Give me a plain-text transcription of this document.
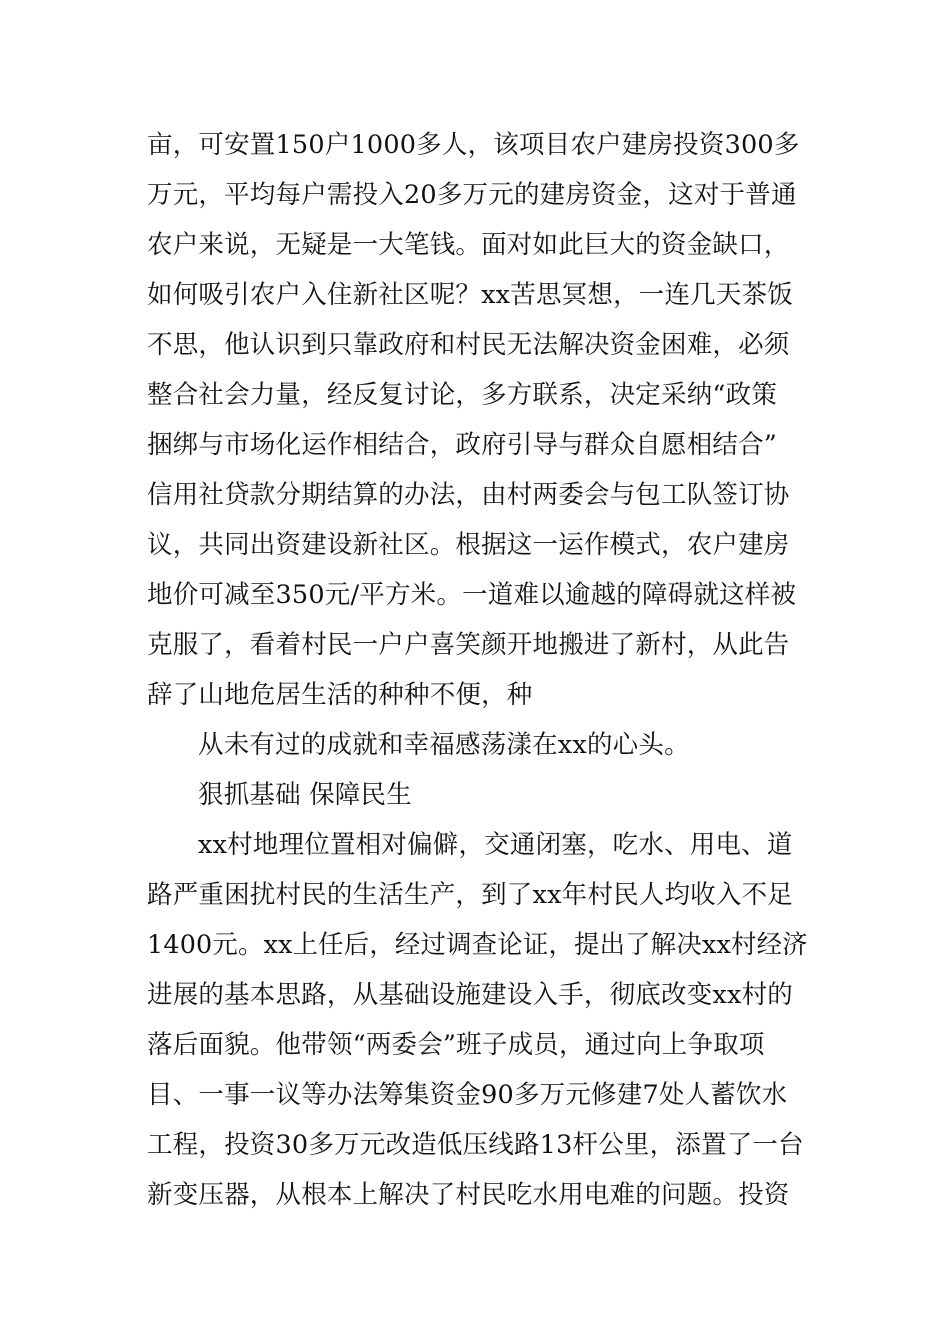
亩，可安置150户1000多人，该项目农户建房投资300多
万元，平均每户需投入20多万元的建房资金，这对于普通
农户来说，无疑是一大笔钱。面对如此巨大的资金缺口，
如何吸引农户入住新社区呢？xx苦思冥想，一连几天茶饭
不思，他认识到只靠政府和村民无法解决资金困难，必须
整合社会力量，经反复讨论，多方联系，决定采纳“政策
捆绑与市场化运作相结合，政府引导与群众自愿相结合”
信用社贷款分期结算的办法，由村两委会与包工队签订协
议，共同出资建设新社区。根据这一运作模式，农户建房
地价可减至350元/平方米。一道难以逾越的障碍就这样被
克服了，看着村民一户户喜笑颜开地搬进了新村，从此告
辞了山地危居生活的种种不便，种
从未有过的成就和幸福感荡漾在xx的心头。
狠抓基础 保障民生
xx村地理位置相对偏僻，交通闭塞，吃水、用电、道
路严重困扰村民的生活生产，到了xx年村民人均收入不足
1400元。xx上任后，经过调查论证，提出了解决xx村经济
进展的基本思路，从基础设施建设入手，彻底改变xx村的
落后面貌。他带领“两委会”班子成员，通过向上争取项
目、一事一议等办法筹集资金90多万元修建7处人蓄饮水
工程，投资30多万元改造低压线路13杆公里，添置了一台
新变压器，从根本上解决了村民吃水用电难的问题。投资
